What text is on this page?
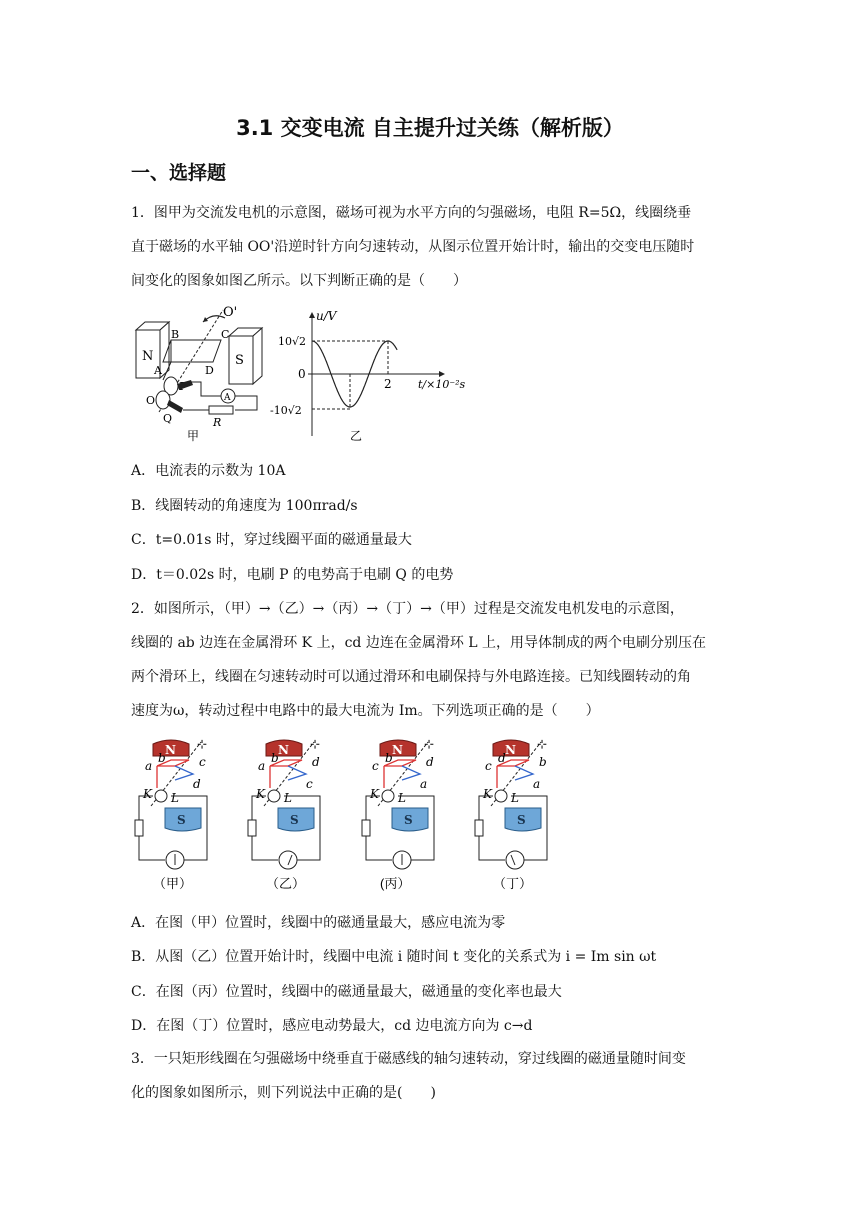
3.1 交变电流 自主提升过关练（解析版）
一、选择题

1．图甲为交流发电机的示意图，磁场可视为水平方向的匀强磁场，电阻 R=5Ω，线圈绕垂

直于磁场的水平轴 OO'沿逆时针方向匀速转动，从图示位置开始计时，输出的交变电压随时

间变化的图象如图乙所示。以下判断正确的是（　　）

O'
N	S
B	C
A	D
O
Q
A
R
甲
u/V
10√2
0
-10√2
2 t/×10⁻²s
乙
A．电流表的示数为 10A
B．线圈转动的角速度为 100πrad/s
C．t=0.01s 时，穿过线圈平面的磁通量最大
D．t＝0.02s 时，电刷 P 的电势高于电刷 Q 的电势

2．如图所示，（甲）→（乙）→（丙）→（丁）→（甲）过程是交流发电机发电的示意图，

线圈的 ab 边连在金属滑环 K 上，cd 边连在金属滑环 L 上，用导体制成的两个电刷分别压在

两个滑环上，线圈在匀速转动时可以通过滑环和电刷保持与外电路连接。已知线圈转动的角

速度为ω，转动过程中电路中的最大电流为 Im。下列选项正确的是（　　）

N ⊹
a
b	c
d
K L
S
（甲）
N ⊹
a
b	d
c
K L
S
（乙）
N ⊹
c
b	d
a
K L
S
(丙）
N ⊹
c
d	b
a
K L
S
（丁）
A．在图（甲）位置时，线圈中的磁通量最大，感应电流为零
B．从图（乙）位置开始计时，线圈中电流 i 随时间 t 变化的关系式为 i = Im sin ωt
C．在图（丙）位置时，线圈中的磁通量最大，磁通量的变化率也最大
D．在图（丁）位置时，感应电动势最大，cd 边电流方向为 c→d

3．一只矩形线圈在匀强磁场中绕垂直于磁感线的轴匀速转动，穿过线圈的磁通量随时间变

化的图象如图所示，则下列说法中正确的是(　　)
